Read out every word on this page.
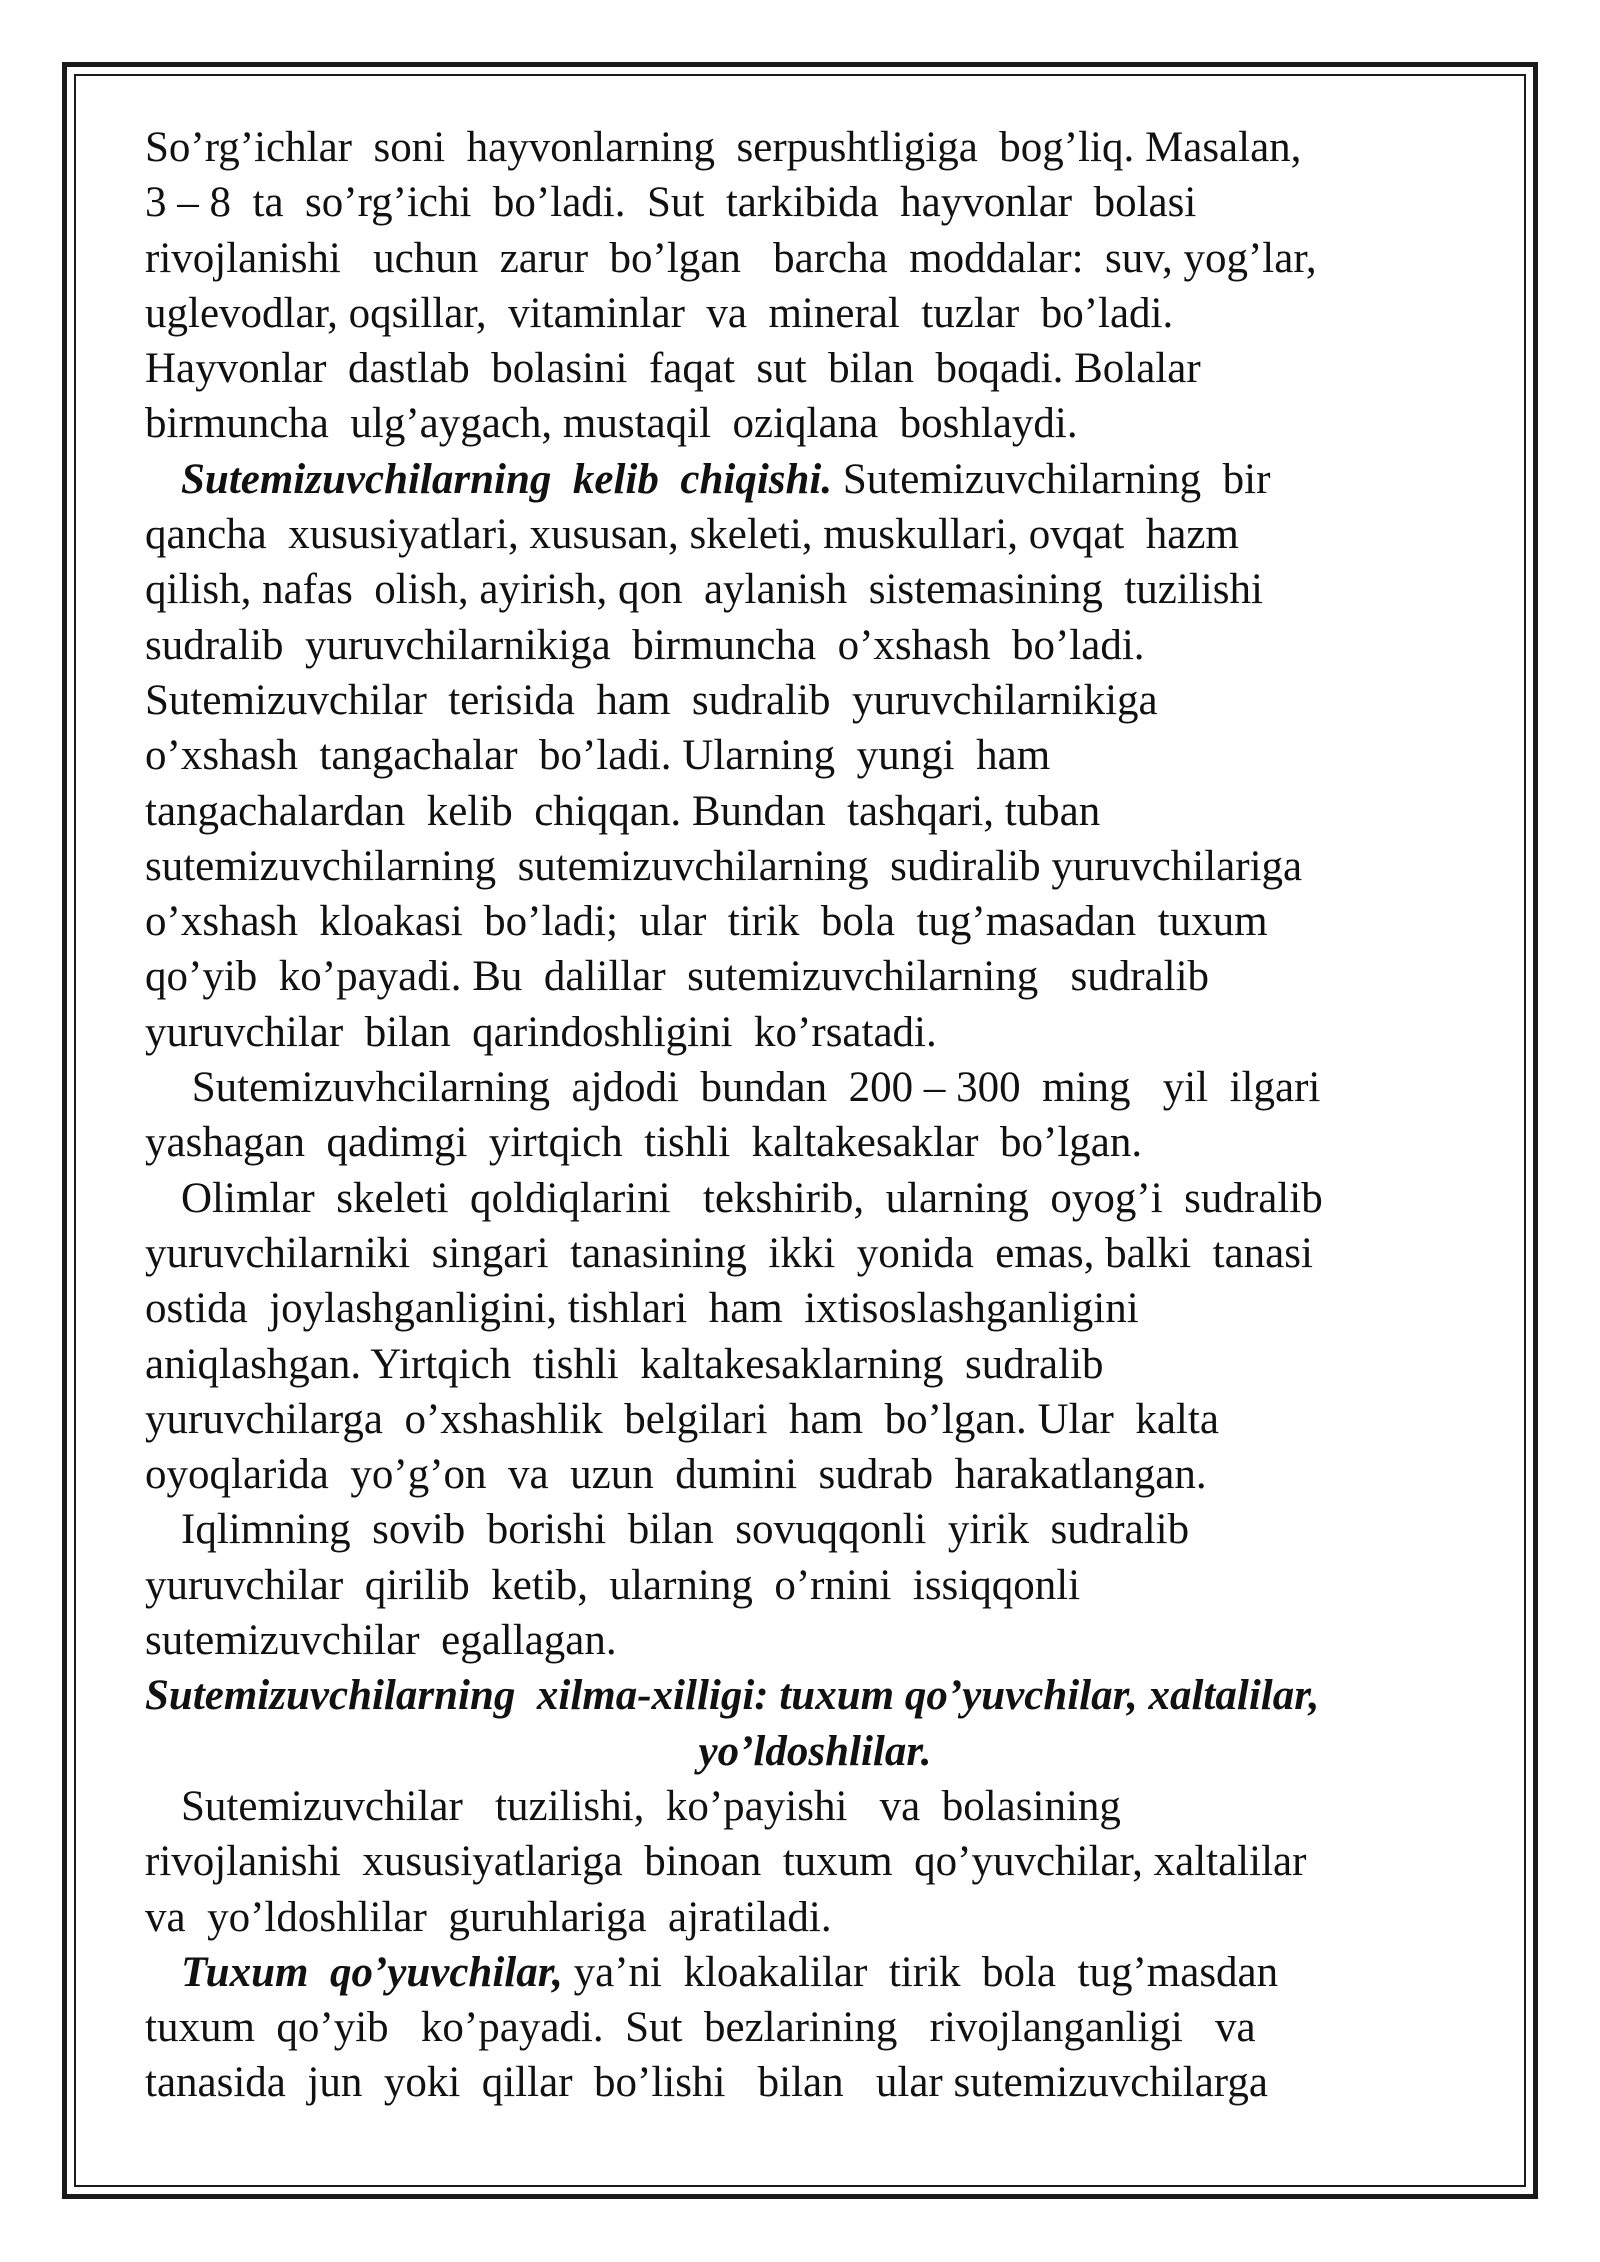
So’rg’ichlar  soni  hayvonlarning  serpushtligiga  bog’liq. Masalan,
3 – 8  ta  so’rg’ichi  bo’ladi.  Sut  tarkibida  hayvonlar  bolasi
rivojlanishi   uchun  zarur  bo’lgan   barcha  moddalar:  suv, yog’lar,
uglevodlar, oqsillar,  vitaminlar  va  mineral  tuzlar  bo’ladi.
Hayvonlar  dastlab  bolasini  faqat  sut  bilan  boqadi. Bolalar
birmuncha  ulg’aygach, mustaqil  oziqlana  boshlaydi.
Sutemizuvchilarning  kelib  chiqishi. Sutemizuvchilarning  bir
qancha  xususiyatlari, xususan, skeleti, muskullari, ovqat  hazm
qilish, nafas  olish, ayirish, qon  aylanish  sistemasining  tuzilishi
sudralib  yuruvchilarnikiga  birmuncha  o’xshash  bo’ladi.
Sutemizuvchilar  terisida  ham  sudralib  yuruvchilarnikiga
o’xshash  tangachalar  bo’ladi. Ularning  yungi  ham
tangachalardan  kelib  chiqqan. Bundan  tashqari, tuban
sutemizuvchilarning  sutemizuvchilarning  sudiralib yuruvchilariga
o’xshash  kloakasi  bo’ladi;  ular  tirik  bola  tug’masadan  tuxum
qo’yib  ko’payadi. Bu  dalillar  sutemizuvchilarning   sudralib
yuruvchilar  bilan  qarindoshligini  ko’rsatadi.
Sutemizuvhcilarning  ajdodi  bundan  200 – 300  ming   yil  ilgari
yashagan  qadimgi  yirtqich  tishli  kaltakesaklar  bo’lgan.
Olimlar  skeleti  qoldiqlarini   tekshirib,  ularning  oyog’i  sudralib
yuruvchilarniki  singari  tanasining  ikki  yonida  emas, balki  tanasi
ostida  joylashganligini, tishlari  ham  ixtisoslashganligini
aniqlashgan. Yirtqich  tishli  kaltakesaklarning  sudralib
yuruvchilarga  o’xshashlik  belgilari  ham  bo’lgan. Ular  kalta
oyoqlarida  yo’g’on  va  uzun  dumini  sudrab  harakatlangan.
Iqlimning  sovib  borishi  bilan  sovuqqonli  yirik  sudralib
yuruvchilar  qirilib  ketib,  ularning  o’rnini  issiqqonli
sutemizuvchilar  egallagan.
Sutemizuvchilarning  xilma-xilligi: tuxum qo’yuvchilar, xaltalilar,
yo’ldoshlilar.
Sutemizuvchilar   tuzilishi,  ko’payishi   va  bolasining
rivojlanishi  xususiyatlariga  binoan  tuxum  qo’yuvchilar, xaltalilar
va  yo’ldoshlilar  guruhlariga  ajratiladi.
Tuxum  qo’yuvchilar, ya’ni  kloakalilar  tirik  bola  tug’masdan
tuxum  qo’yib   ko’payadi.  Sut  bezlarining   rivojlanganligi   va
tanasida  jun  yoki  qillar  bo’lishi   bilan   ular sutemizuvchilarga
